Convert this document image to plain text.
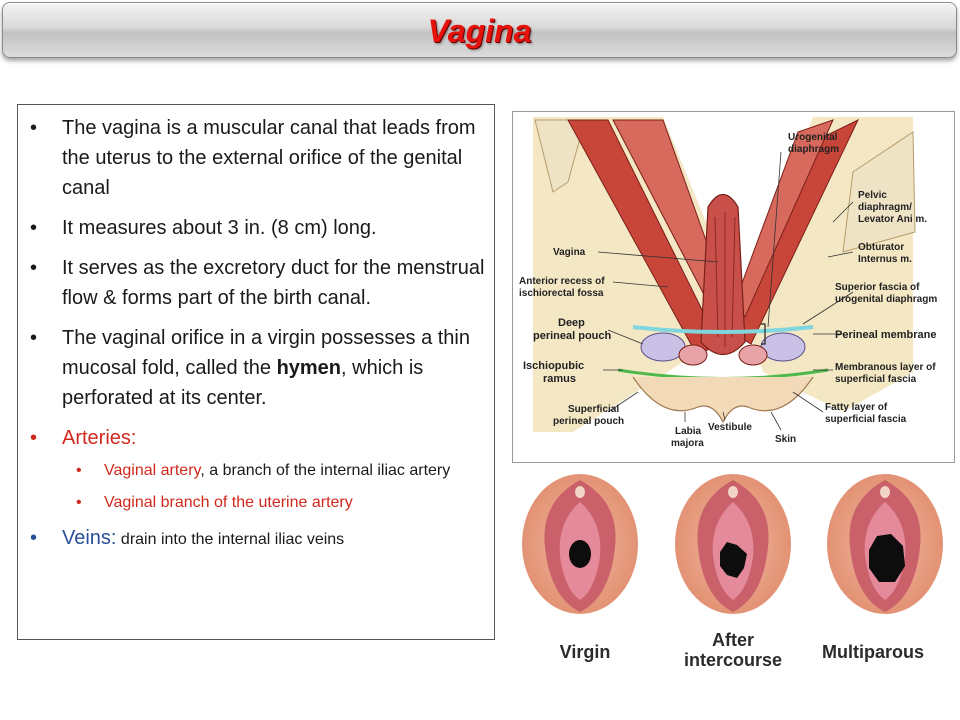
Vagina
• The vagina is a muscular canal that leads from the uterus to the external orifice of the genital canal
• It measures about 3 in. (8 cm) long.
• It serves as the excretory duct for the menstrual flow & forms part of the birth canal.
• The vaginal orifice in a virgin possesses a thin mucosal fold, called the hymen, which is perforated at its center.
• Arteries:
• Vaginal artery, a branch of the internal iliac artery
• Vaginal branch of the uterine artery
• Veins: drain into the internal iliac veins
Urogenital diaphragm
Pelvic diaphragm/ Levator Ani m.
Obturator Internus m.
Vagina
Anterior recess of ischiorectal fossa
Superior fascia of urogenital diaphragm
Perineal membrane
Deep perineal pouch
Ischiopubic ramus
Membranous layer of superficial fascia
Superficial perineal pouch
Labia majora
Vestibule
Skin
Fatty layer of superficial fascia
Virgin
After
intercourse	Multiparous
